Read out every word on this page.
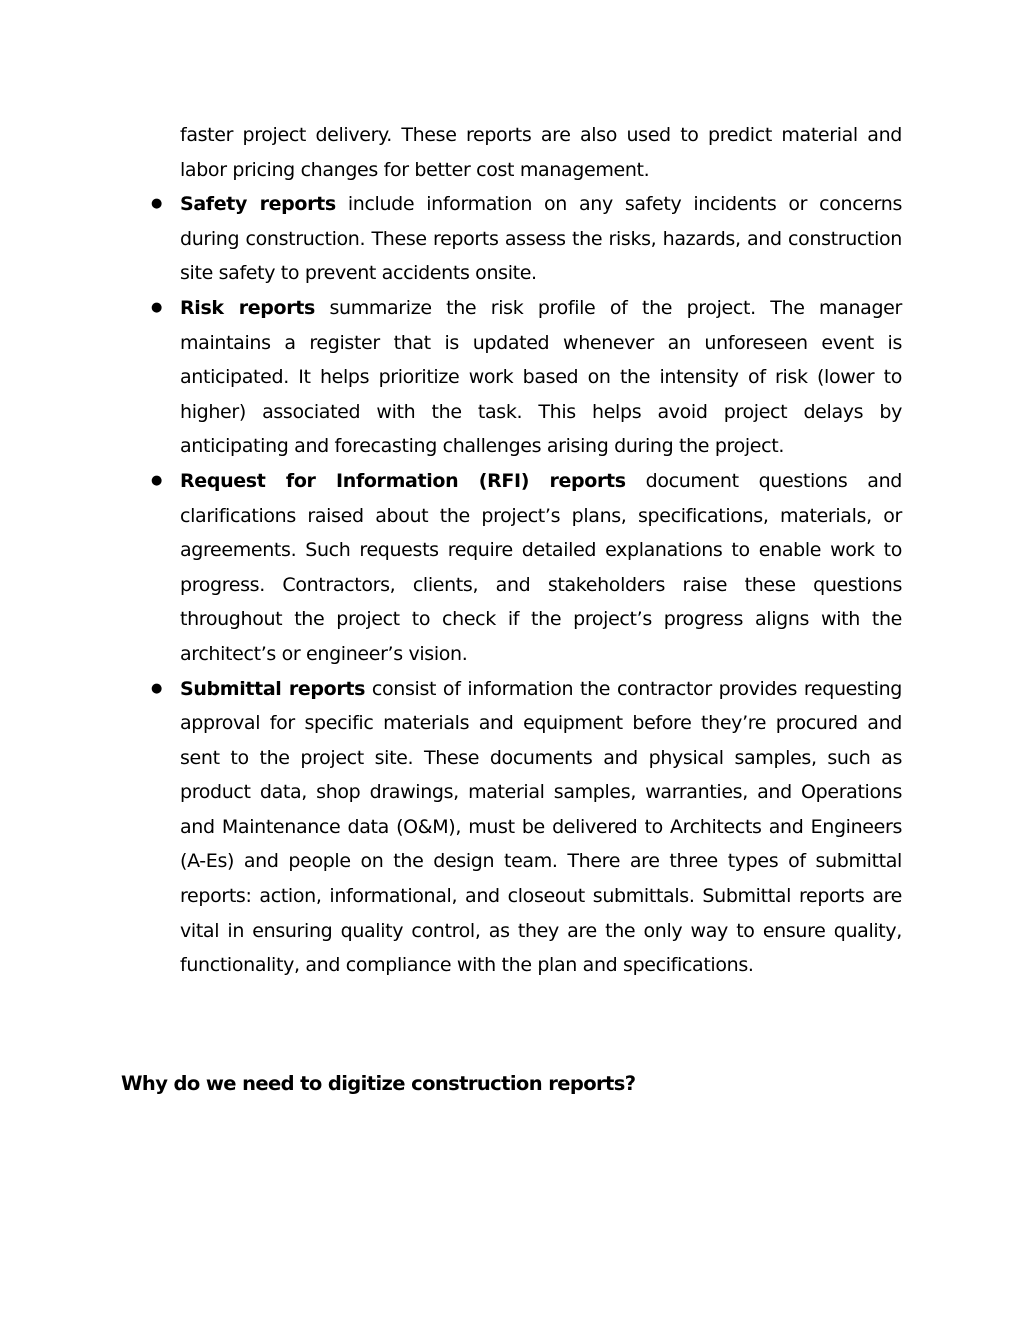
faster project delivery. These reports are also used to predict material and labor pricing changes for better cost management.

● Safety reports include information on any safety incidents or concerns during construction. These reports assess the risks, hazards, and construction site safety to prevent accidents onsite.
● Risk reports summarize the risk profile of the project. The manager maintains a register that is updated whenever an unforeseen event is anticipated. It helps prioritize work based on the intensity of risk (lower to higher) associated with the task. This helps avoid project delays by anticipating and forecasting challenges arising during the project.
● Request for Information (RFI) reports document questions and clarifications raised about the project’s plans, specifications, materials, or agreements. Such requests require detailed explanations to enable work to progress. Contractors, clients, and stakeholders raise these questions throughout the project to check if the project’s progress aligns with the architect’s or engineer’s vision.
● Submittal reports consist of information the contractor provides requesting approval for specific materials and equipment before they’re procured and sent to the project site. These documents and physical samples, such as product data, shop drawings, material samples, warranties, and Operations and Maintenance data (O&M), must be delivered to Architects and Engineers (A-Es) and people on the design team. There are three types of submittal reports: action, informational, and closeout submittals. Submittal reports are vital in ensuring quality control, as they are the only way to ensure quality, functionality, and compliance with the plan and specifications.
Why do we need to digitize construction reports?
